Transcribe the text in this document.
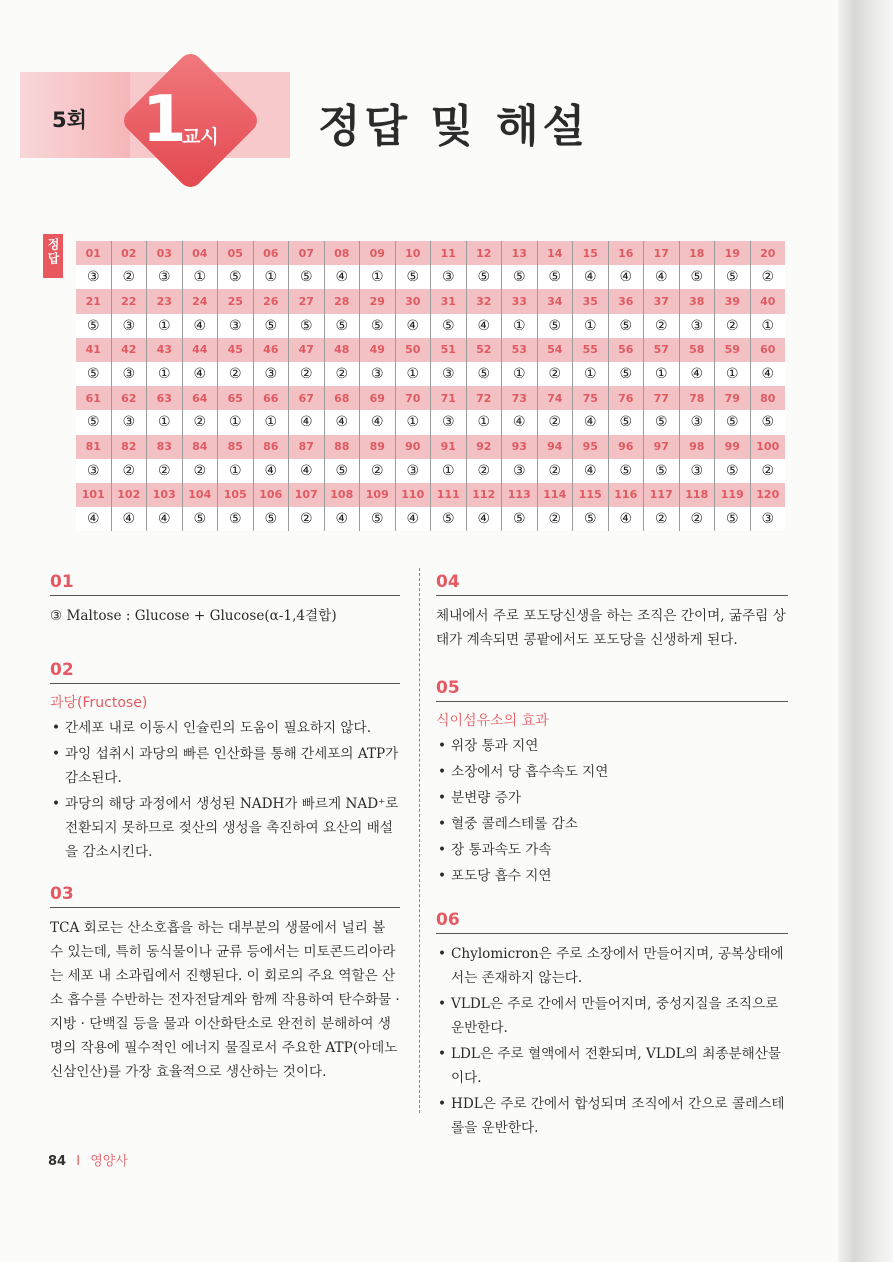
5회 1
교시 정답 및 해설
정답 01	02	03	04	05	06	07	08	09	10	11	12	13	14	15	16	17	18	19	20
③	②	③	①	⑤	①	⑤	④	①	⑤	③	⑤	⑤	⑤	④	④	④	⑤	⑤	②
21	22	23	24	25	26	27	28	29	30	31	32	33	34	35	36	37	38	39	40
⑤	③	①	④	③	⑤	⑤	⑤	⑤	④	⑤	④	①	⑤	①	⑤	②	③	②	①
41	42	43	44	45	46	47	48	49	50	51	52	53	54	55	56	57	58	59	60
⑤	③	①	④	②	③	②	②	③	①	③	⑤	①	②	①	⑤	①	④	①	④
61	62	63	64	65	66	67	68	69	70	71	72	73	74	75	76	77	78	79	80
⑤	③	①	②	①	①	④	④	④	①	③	①	④	②	④	⑤	⑤	③	⑤	⑤
81	82	83	84	85	86	87	88	89	90	91	92	93	94	95	96	97	98	99	100
③	②	②	②	①	④	④	⑤	②	③	①	②	③	②	④	⑤	⑤	③	⑤	②
101	102	103	104	105	106	107	108	109	110	111	112	113	114	115	116	117	118	119	120
④	④	④	⑤	⑤	⑤	②	④	⑤	④	⑤	④	⑤	②	⑤	④	②	②	⑤	③
01

③ Maltose : Glucose + Glucose(α-1,4결합)

02
과당(Fructose)
• 간세포 내로 이동시 인슐린의 도움이 필요하지 않다.
• 과잉 섭취시 과당의 빠른 인산화를 통해 간세포의 ATP가 감소된다.
• 과당의 해당 과정에서 생성된 NADH가 빠르게 NAD⁺로 전환되지 못하므로 젖산의 생성을 촉진하여 요산의 배설을 감소시킨다.
03

TCA 회로는 산소호흡을 하는 대부분의 생물에서 널리 볼 수 있는데, 특히 동식물이나 균류 등에서는 미토콘드리아라는 세포 내 소과립에서 진행된다. 이 회로의 주요 역할은 산소 흡수를 수반하는 전자전달계와 함께 작용하여 탄수화물 · 지방 · 단백질 등을 물과 이산화탄소로 완전히 분해하여 생명의 작용에 필수적인 에너지 물질로서 주요한 ATP(아데노신삼인산)를 가장 효율적으로 생산하는 것이다.

04

체내에서 주로 포도당신생을 하는 조직은 간이며, 굶주림 상태가 계속되면 콩팥에서도 포도당을 신생하게 된다.

05
식이섬유소의 효과
• 위장 통과 지연
• 소장에서 당 흡수속도 지연
• 분변량 증가
• 혈중 콜레스테롤 감소
• 장 통과속도 가속
• 포도당 흡수 지연
06
• Chylomicron은 주로 소장에서 만들어지며, 공복상태에서는 존재하지 않는다.
• VLDL은 주로 간에서 만들어지며, 중성지질을 조직으로 운반한다.
• LDL은 주로 혈액에서 전환되며, VLDL의 최종분해산물이다.
• HDL은 주로 간에서 합성되며 조직에서 간으로 콜레스테롤을 운반한다.
84 I 영양사
